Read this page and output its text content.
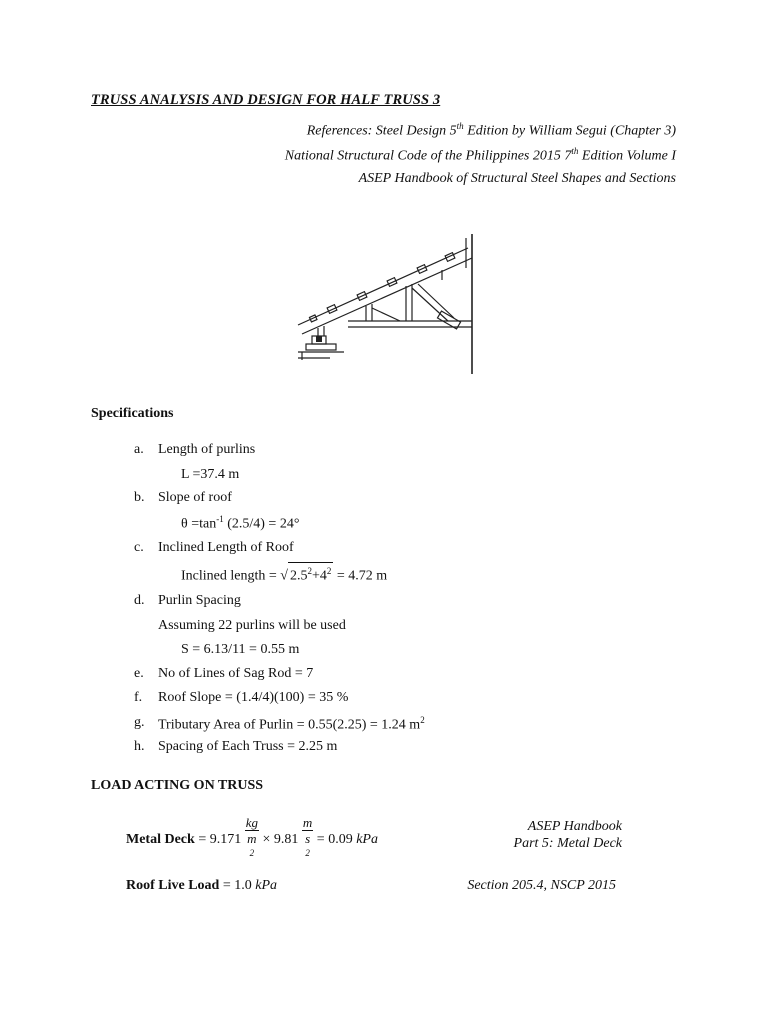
TRUSS ANALYSIS AND DESIGN FOR HALF TRUSS 3
References: Steel Design 5th Edition by William Segui (Chapter 3)
National Structural Code of the Philippines 2015 7th Edition Volume I
ASEP Handbook of Structural Steel Shapes and Sections
Specifications
a. Length of purlins
L =37.4 m
b. Slope of roof
$\theta =\tan^{-1}$ (2.5/4) = 24°
c. Inclined Length of Roof
Inclined length = √ $2.5^2+4^2 = 4.72$ m
d. Purlin Spacing
Assuming 22 purlins will be used
S = 6.13/11 = 0.55 m
e. No of Lines of Sag Rod = 7
f. Roof Slope = (1.4/4)(100) = 35 %
g. Tributary Area of Purlin = 0.55(2.25) = 1.24 $m^2$
h. Spacing of Each Truss = 2.25 m
LOAD ACTING ON TRUSS
Metal Deck = 9.171 kg
m
$^2$ × 9.81 m
s
$^2$ = 0.09 kPa
ASEP Handbook
Part 5: Metal Deck
Roof Live Load = 1.0 kPa	Section 205.4, NSCP 2015
